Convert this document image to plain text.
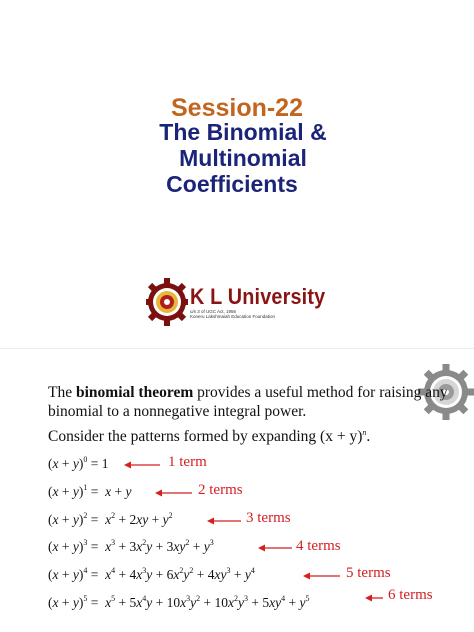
Session-22
The Binomial &
Multinomial
Coefficients
K L University
u/s 3 of UGC Act, 1956
Koneru Lakshmaiah Education Foundation
The binomial theorem provides a useful method for raising any binomial to a nonnegative integral power.
Consider the patterns formed by expanding $(x + y)^n$.
$(x + y)^0 = 1$	1 term
$(x + y)^1 = x + y$	2 terms
$(x + y)^2 = x^2 + 2xy + y^2$	3 terms
$(x + y)^3 = x^3 + 3x^2y + 3xy^2 + y^3$	4 terms
$(x + y)^4 = x^4 + 4x^3y + 6x^2y^2 + 4xy^3 + y^4$	5 terms
$(x + y)^5 = x^5 + 5x^4y + 10x^3y^2 + 10x^2y^3 + 5xy^4 + y^5$	6 terms
